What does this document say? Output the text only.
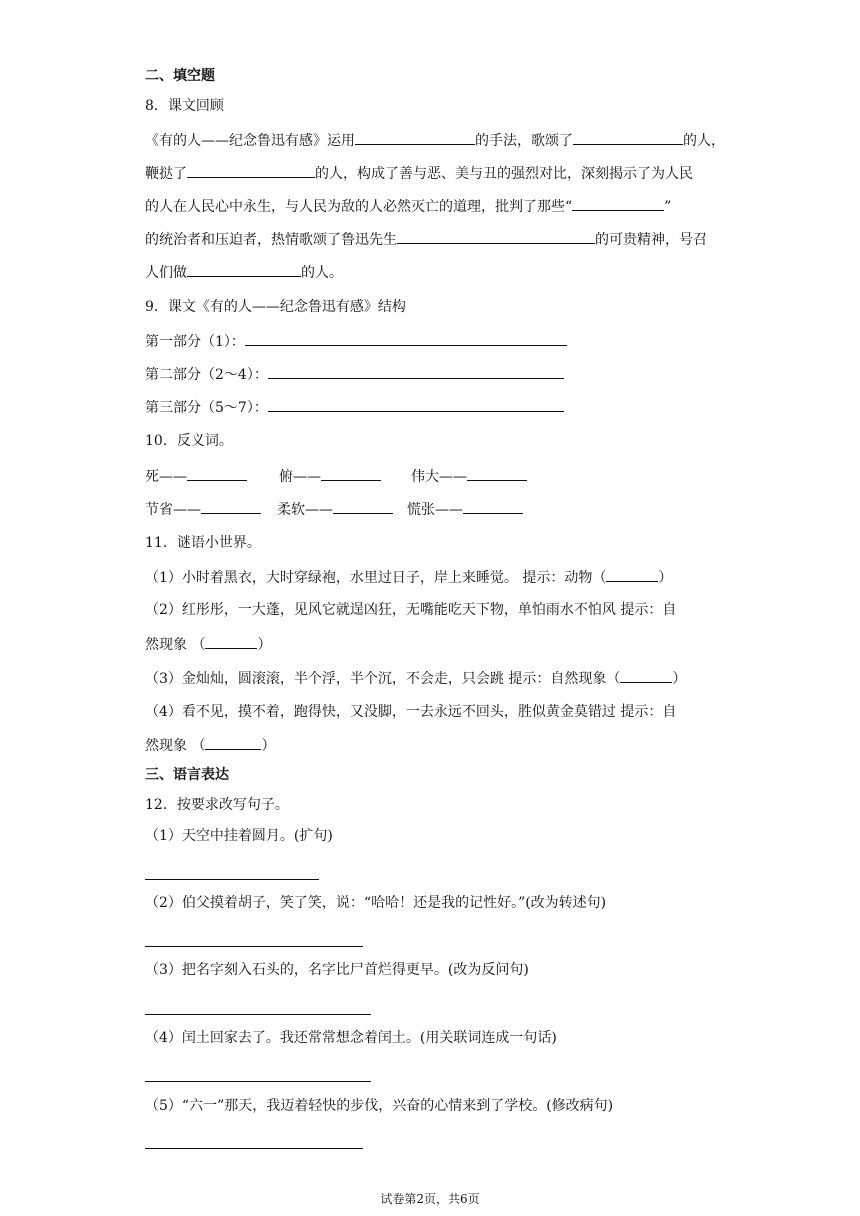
二、填空题
8．课文回顾
《有的人——纪念鲁迅有感》运用	的手法，歌颂了	的人，
鞭挞了	的人，构成了善与恶、美与丑的强烈对比，深刻揭示了为人民
的人在人民心中永生，与人民为敌的人必然灭亡的道理，批判了那些“	”
的统治者和压迫者，热情歌颂了鲁迅先生	的可贵精神，号召
人们做	的人。
9．课文《有的人——纪念鲁迅有感》结构
第一部分（1）：
第二部分（2～4）：
第三部分（5～7）：
10．反义词。
死——	俯——	伟大——
节省——	柔软——	慌张——
11．谜语小世界。
（1）小时着黑衣，大时穿绿袍，水里过日子，岸上来睡觉。 提示：动物（	）
（2）红彤彤，一大蓬，见风它就逞凶狂，无嘴能吃天下物，单怕雨水不怕风 提示：自
然现象 （	）
（3）金灿灿，圆滚滚，半个浮，半个沉，不会走，只会跳 提示：自然现象（	）
（4）看不见，摸不着，跑得快，又没脚，一去永远不回头，胜似黄金莫错过 提示：自
然现象 （	）
三、语言表达
12．按要求改写句子。
（1）天空中挂着圆月。(扩句)
（2）伯父摸着胡子，笑了笑，说：“哈哈！还是我的记性好。”(改为转述句)
（3）把名字刻入石头的，名字比尸首烂得更早。(改为反问句)
（4）闰土回家去了。我还常常想念着闰土。(用关联词连成一句话)
（5）“六一”那天，我迈着轻快的步伐，兴奋的心情来到了学校。(修改病句)
试卷第2页，共6页
